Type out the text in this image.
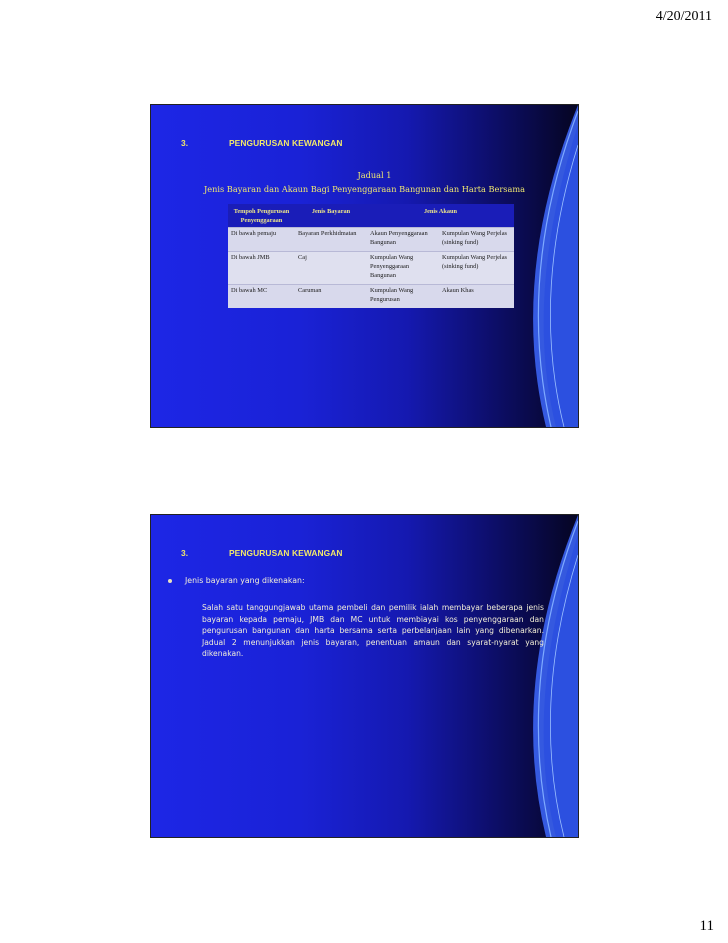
4/20/2011
3.	PENGURUSAN KEWANGAN
Jadual 1
Jenis Bayaran dan Akaun Bagi Penyenggaraan Bangunan dan Harta Bersama
Tempoh Pengurusan Penyenggaraan	Jenis Bayaran	Jenis Akaun	
Di bawah pemaju	Bayaran Perkhidmatan	Akaun Penyenggaraan Bangunan	Kumpulan Wang Perjelas (sinking fund)
Di bawah JMB	Caj	Kumpulan Wang Penyenggaraan Bangunan	Kumpulan Wang Perjelas (sinking fund)
Di bawah MC	Caruman	Kumpulan Wang Pengurusan	Akaun Khas
3.	PENGURUSAN KEWANGAN
Jenis bayaran yang dikenakan:
Salah satu tanggungjawab utama pembeli dan pemilik ialah membayar beberapa jenis bayaran kepada pemaju, JMB dan MC untuk membiayai kos penyenggaraan dan pengurusan bangunan dan harta bersama serta perbelanjaan lain yang dibenarkan. Jadual 2 menunjukkan jenis bayaran, penentuan amaun dan syarat-nyarat yang dikenakan.
11
